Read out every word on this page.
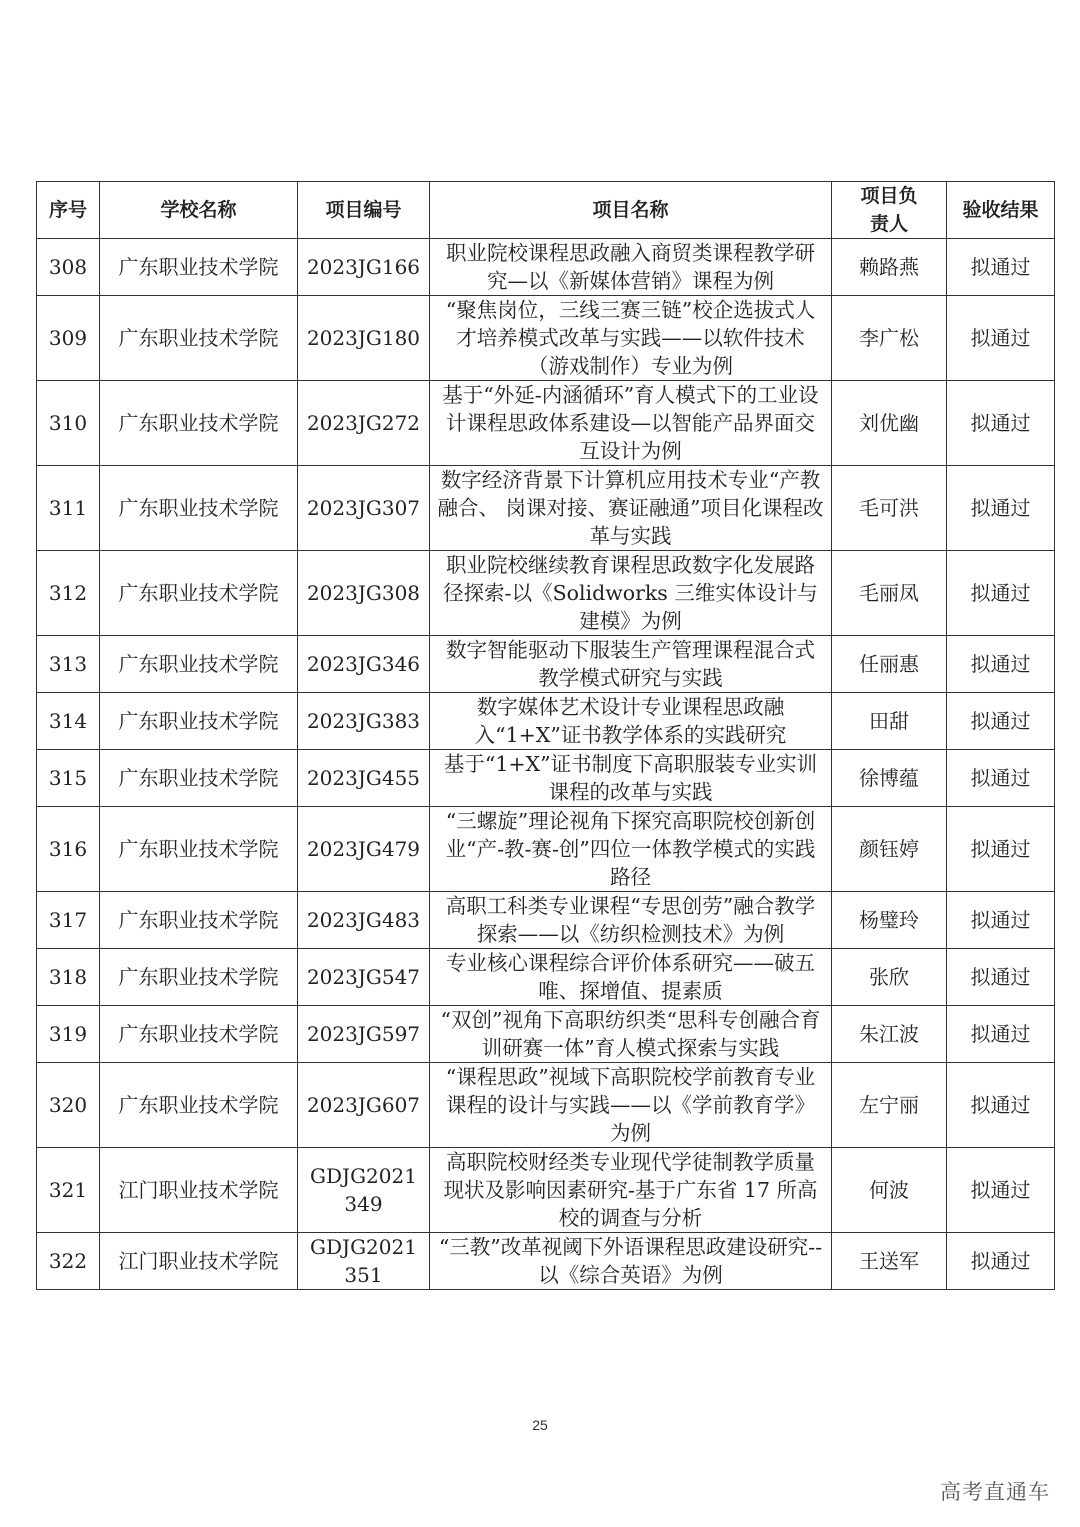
序号	学校名称	项目编号	项目名称	项目负责人	验收结果
308	广东职业技术学院	2023JG166	职业院校课程思政融入商贸类课程教学研究—以《新媒体营销》课程为例	赖路燕	拟通过
309	广东职业技术学院	2023JG180	“聚焦岗位，三线三赛三链”校企选拔式人才培养模式改革与实践——以软件技术（游戏制作）专业为例	李广松	拟通过
310	广东职业技术学院	2023JG272	基于“外延-内涵循环”育人模式下的工业设计课程思政体系建设—以智能产品界面交互设计为例	刘优幽	拟通过
311	广东职业技术学院	2023JG307	数字经济背景下计算机应用技术专业“产教融合、 岗课对接、赛证融通”项目化课程改革与实践	毛可洪	拟通过
312	广东职业技术学院	2023JG308	职业院校继续教育课程思政数字化发展路径探索-以《Solidworks 三维实体设计与建模》为例	毛丽凤	拟通过
313	广东职业技术学院	2023JG346	数字智能驱动下服装生产管理课程混合式教学模式研究与实践	任丽惠	拟通过
314	广东职业技术学院	2023JG383	数字媒体艺术设计专业课程思政融入“1+X”证书教学体系的实践研究	田甜	拟通过
315	广东职业技术学院	2023JG455	基于“1+X”证书制度下高职服装专业实训课程的改革与实践	徐博蕴	拟通过
316	广东职业技术学院	2023JG479	“三螺旋”理论视角下探究高职院校创新创业“产-教-赛-创”四位一体教学模式的实践路径	颜钰婷	拟通过
317	广东职业技术学院	2023JG483	高职工科类专业课程“专思创劳”融合教学探索——以《纺织检测技术》为例	杨璧玲	拟通过
318	广东职业技术学院	2023JG547	专业核心课程综合评价体系研究——破五唯、探增值、提素质	张欣	拟通过
319	广东职业技术学院	2023JG597	“双创”视角下高职纺织类“思科专创融合育训研赛一体”育人模式探索与实践	朱江波	拟通过
320	广东职业技术学院	2023JG607	“课程思政”视域下高职院校学前教育专业课程的设计与实践——以《学前教育学》为例	左宁丽	拟通过
321	江门职业技术学院	GDJG2021349	高职院校财经类专业现代学徒制教学质量现状及影响因素研究-基于广东省 17 所高校的调查与分析	何波	拟通过
322	江门职业技术学院	GDJG2021351	“三教”改革视阈下外语课程思政建设研究--以《综合英语》为例	王送军	拟通过
25
高考直通车
